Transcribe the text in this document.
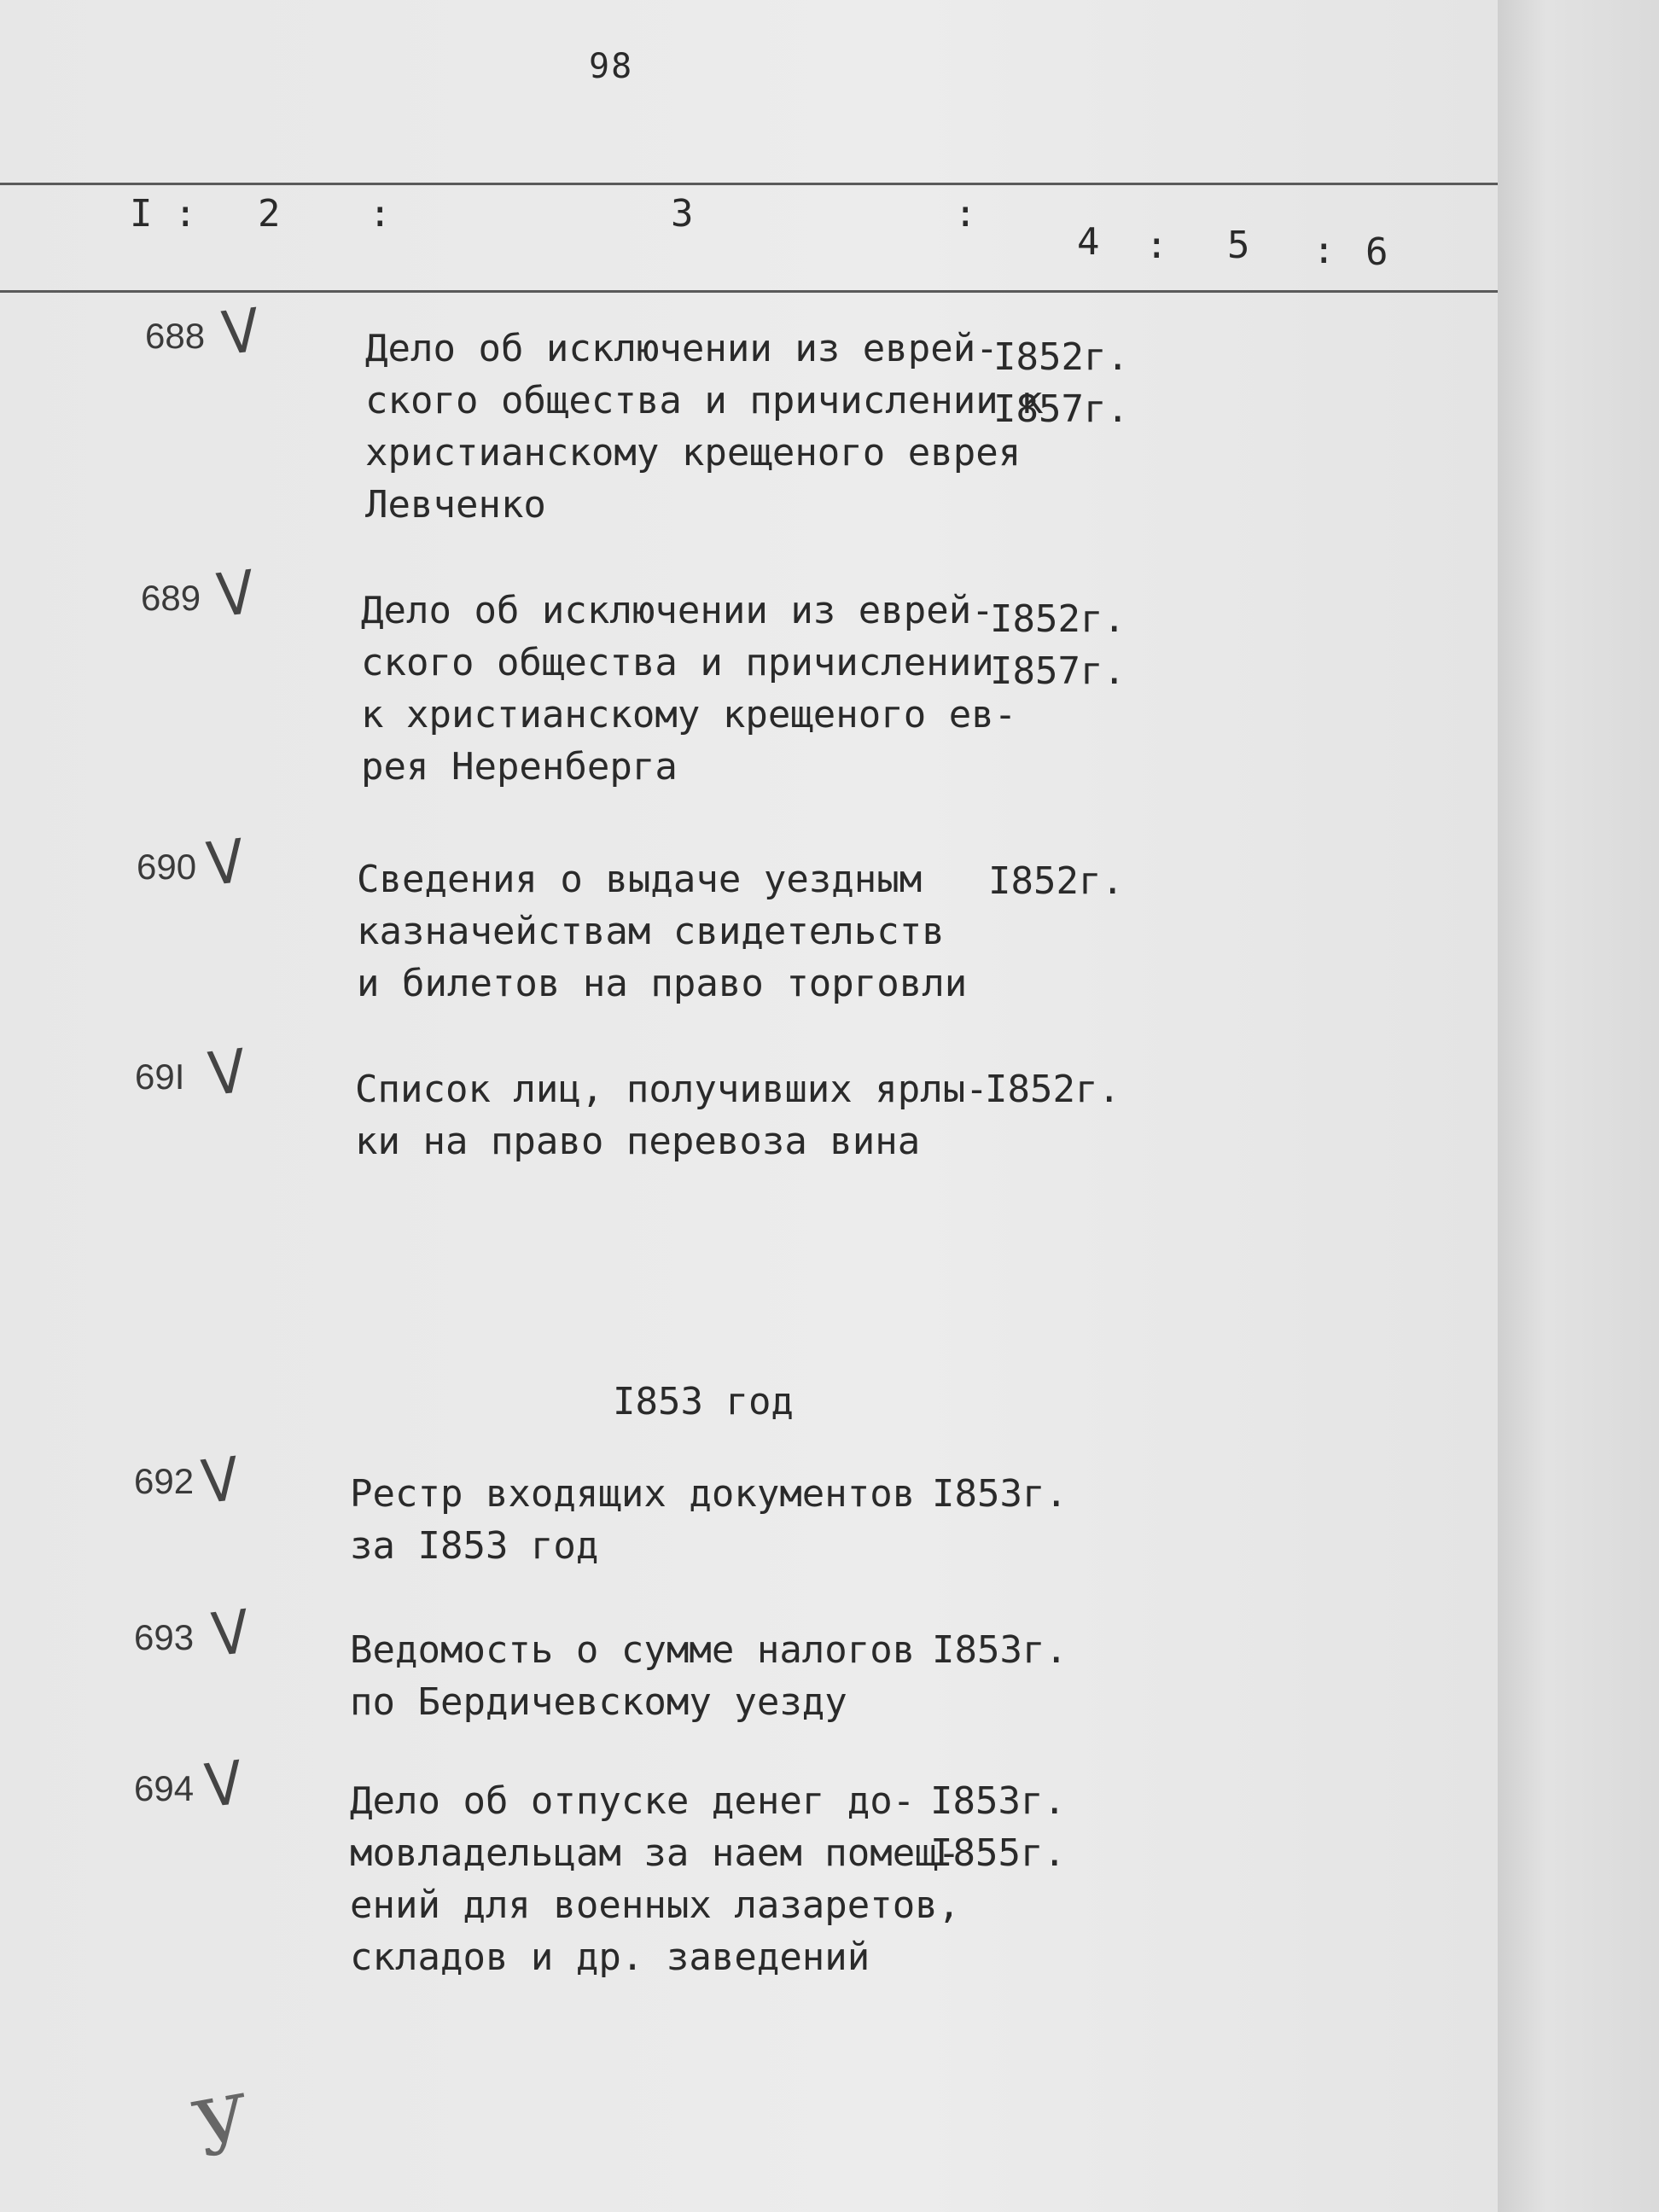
98
I : 2 :	3	:
4 : 5 : 6
688 V	Дело об исключении из еврей-
ского общества и причислении к
христианскому крещеного еврея
Левченко
I852г.
I857г.
689 V	Дело об исключении из еврей-
ского общества и причислении
к христианскому крещеного ев-
рея Неренберга
I852г.
I857г.
690 V	Сведения о выдаче уездным
казначействам свидетельств
и билетов на право торговли
I852г.
69I V	Список лиц, получивших ярлы-
ки на право перевоза вина
I852г.
I853 год
692 V	Рестр входящих документов
за I853 год
I853г.
693 V	Ведомость о сумме налогов
по Бердичевскому уезду
I853г.
694 V	Дело об отпуске денег до-
мовладельцам за наем помещ-
ений для военных лазаретов,
складов и др. заведений
I853г.
I855г.
У
